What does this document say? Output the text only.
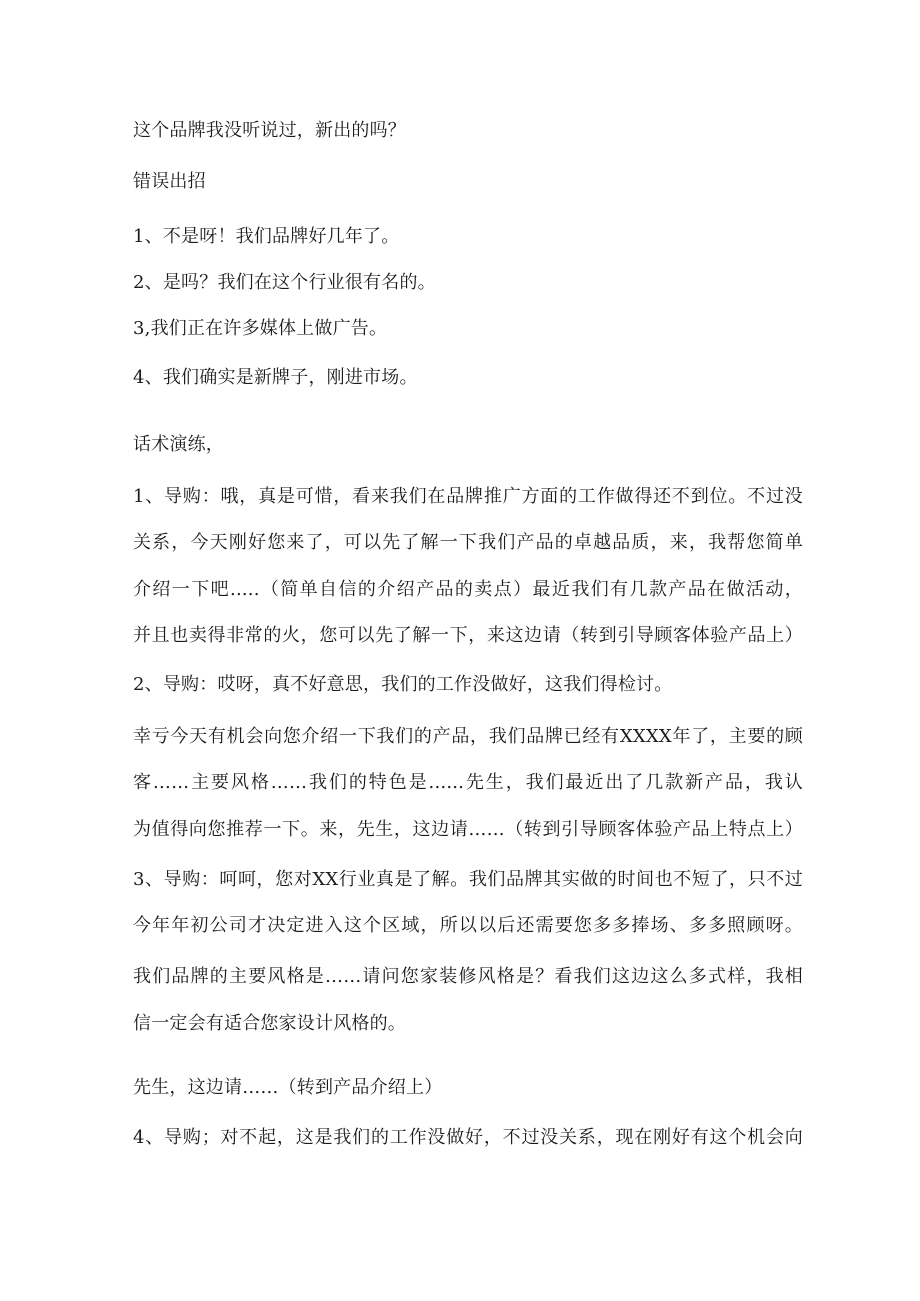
这个品牌我没听说过，新出的吗？
错误出招
1、不是呀！我们品牌好几年了。
2、是吗？我们在这个行业很有名的。
3,我们正在许多媒体上做广告。
4、我们确实是新牌子，刚进市场。
话术演练，
1、导购：哦，真是可惜，看来我们在品牌推广方面的工作做得还不到位。不过没
关系，今天刚好您来了，可以先了解一下我们产品的卓越品质，来，我帮您简单
介绍一下吧.....（简单自信的介绍产品的卖点）最近我们有几款产品在做活动，
并且也卖得非常的火，您可以先了解一下，来这边请（转到引导顾客体验产品上）
2、导购：哎呀，真不好意思，我们的工作没做好，这我们得检讨。
幸亏今天有机会向您介绍一下我们的产品，我们品牌已经有XXXX年了，主要的顾
客……主要风格……我们的特色是......先生，我们最近出了几款新产品，我认
为值得向您推荐一下。来，先生，这边请……（转到引导顾客体验产品上特点上）
3、导购：呵呵，您对XX行业真是了解。我们品牌其实做的时间也不短了，只不过
今年年初公司才决定进入这个区域，所以以后还需要您多多捧场、多多照顾呀。
我们品牌的主要风格是……请问您家装修风格是？看我们这边这么多式样，我相
信一定会有适合您家设计风格的。
先生，这边请……（转到产品介绍上）
4、导购；对不起，这是我们的工作没做好，不过没关系，现在刚好有这个机会向
